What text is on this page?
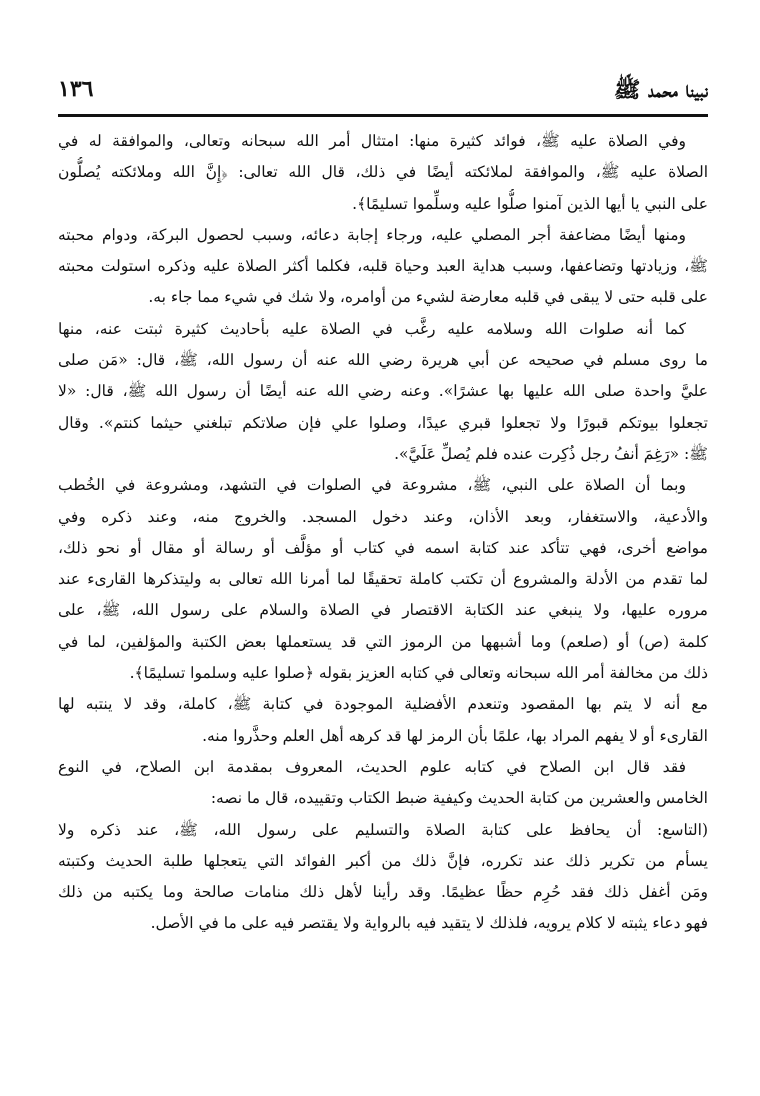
نبينا محمد ﷺ
١٣٦
وفي الصلاة عليه ﷺ، فوائد كثيرة منها: امتثال أمر الله سبحانه وتعالى، والموافقة له في
الصلاة عليه ﷺ، والموافقة لملائكته أيضًا في ذلك، قال الله تعالى: ﴿إِنَّ الله وملائكته يُصلُّون
على النبي يا أيها الذين آمنوا صلُّوا عليه وسلِّموا تسليمًا﴾.
ومنها أيضًا مضاعفة أجر المصلي عليه، ورجاء إجابة دعائه، وسبب لحصول البركة، ودوام محبته
ﷺ، وزيادتها وتضاعفها، وسبب هداية العبد وحياة قلبه، فكلما أكثر الصلاة عليه وذكره استولت محبته
على قلبه حتى لا يبقى في قلبه معارضة لشيء من أوامره، ولا شك في شيء مما جاء به.
كما أنه صلوات الله وسلامه عليه رغَّب في الصلاة عليه بأحاديث كثيرة ثبتت عنه، منها
ما روى مسلم في صحيحه عن أبي هريرة رضي الله عنه أن رسول الله، ﷺ، قال: «مَن صلى
عليَّ واحدة صلى الله عليها بها عشرًا». وعنه رضي الله عنه أيضًا أن رسول الله ﷺ، قال: «لا
تجعلوا بيوتكم قبورًا ولا تجعلوا قبري عيدًا، وصلوا علي فإن صلاتكم تبلغني حيثما كنتم». وقال
ﷺ: «رَغِمَ أنفُ رجل ذُكِرت عنده فلم يُصلِّ عَلَيَّ».
وبما أن الصلاة على النبي، ﷺ، مشروعة في الصلوات في التشهد، ومشروعة في الخُطب
والأدعية، والاستغفار، وبعد الأذان، وعند دخول المسجد. والخروج منه، وعند ذكره وفي
مواضع أخرى، فهي تتأكد عند كتابة اسمه في كتاب أو مؤلَّف أو رسالة أو مقال أو نحو ذلك،
لما تقدم من الأدلة والمشروع أن تكتب كاملة تحقيقًا لما أمرنا الله تعالى به وليتذكرها القارىء عند
مروره عليها، ولا ينبغي عند الكتابة الاقتصار في الصلاة والسلام على رسول الله، ﷺ، على
كلمة (ص) أو (صلعم) وما أشبهها من الرموز التي قد يستعملها بعض الكتبة والمؤلفين، لما في
ذلك من مخالفة أمر الله سبحانه وتعالى في كتابه العزيز بقوله ﴿صلوا عليه وسلموا تسليمًا﴾.
مع أنه لا يتم بها المقصود وتنعدم الأفضلية الموجودة في كتابة ﷺ، كاملة، وقد لا ينتبه لها
القارىء أو لا يفهم المراد بها، علمًا بأن الرمز لها قد كرهه أهل العلم وحذَّروا منه.
فقد قال ابن الصلاح في كتابه علوم الحديث، المعروف بمقدمة ابن الصلاح، في النوع
الخامس والعشرين من كتابة الحديث وكيفية ضبط الكتاب وتقييده، قال ما نصه:
(التاسع: أن يحافظ على كتابة الصلاة والتسليم على رسول الله، ﷺ، عند ذكره ولا
يسأم من تكرير ذلك عند تكرره، فإنَّ ذلك من أكبر الفوائد التي يتعجلها طلبة الحديث وكتبته
ومَن أغفل ذلك فقد حُرِم حظًا عظيمًا. وقد رأينا لأهل ذلك منامات صالحة وما يكتبه من ذلك
فهو دعاء يثبته لا كلام يرويه، فلذلك لا يتقيد فيه بالرواية ولا يقتصر فيه على ما في الأصل.
